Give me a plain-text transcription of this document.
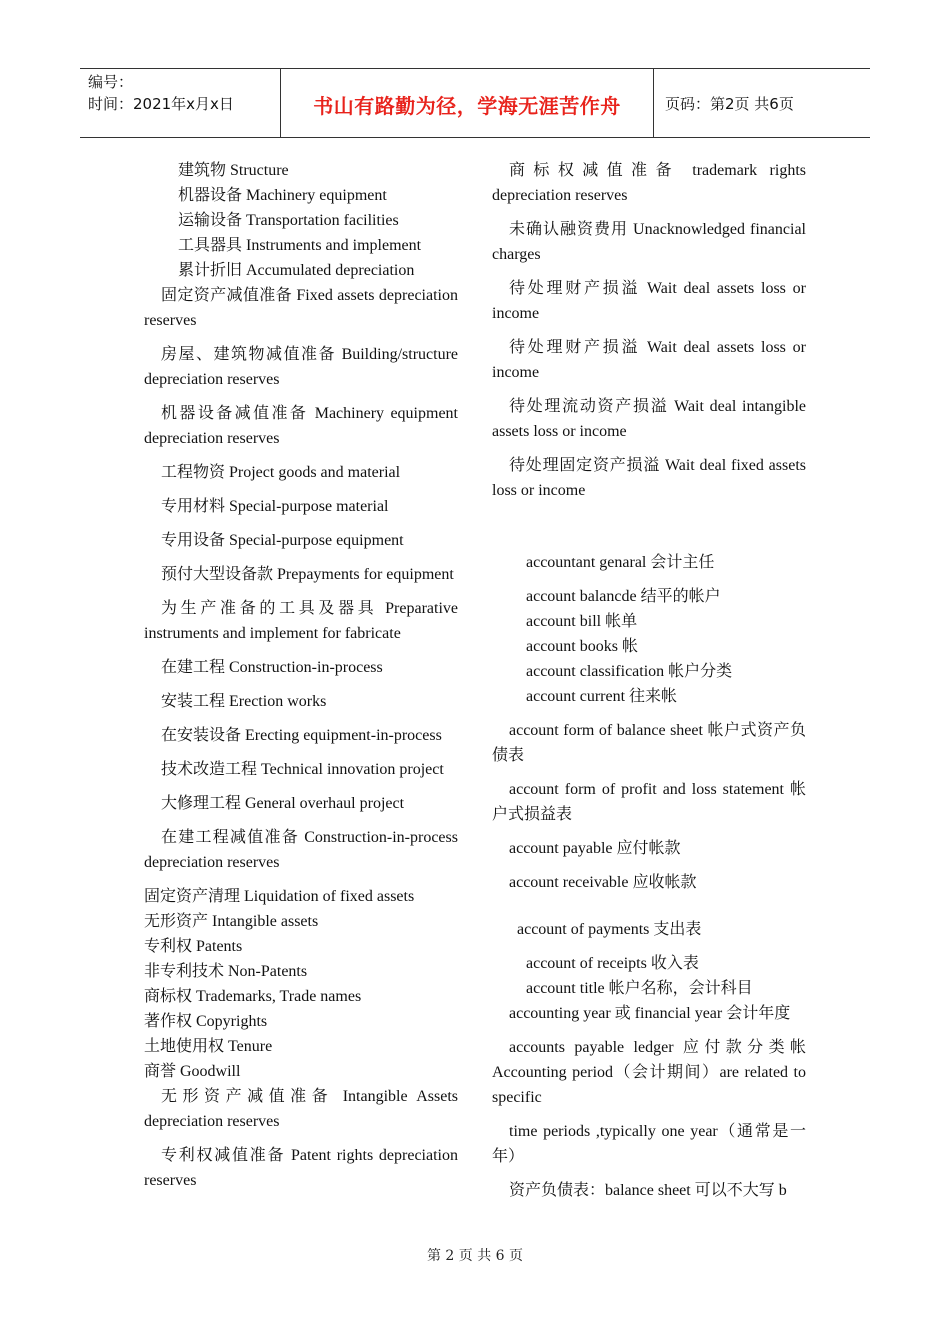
编号：
时间：2021年x月x日	书山有路勤为径，学海无涯苦作舟	页码：第2页 共6页

建筑物 Structure

机器设备 Machinery equipment

运输设备 Transportation facilities

工具器具 Instruments and implement

累计折旧 Accumulated depreciation

固定资产减值准备 Fixed assets depreciation reserves

房屋、建筑物减值准备 Building/structure depreciation reserves

机器设备减值准备 Machinery equipment depreciation reserves

工程物资 Project goods and material

专用材料 Special-purpose material

专用设备 Special-purpose equipment

预付大型设备款 Prepayments for equipment

为生产准备的工具及器具 Preparative instruments and implement for fabricate

在建工程 Construction-in-process

安装工程 Erection works

在安装设备 Erecting equipment-in-process

技术改造工程 Technical innovation project

大修理工程 General overhaul project

在建工程减值准备 Construction-in-process depreciation reserves

固定资产清理 Liquidation of fixed assets

无形资产 Intangible assets

专利权 Patents

非专利技术 Non-Patents

商标权 Trademarks, Trade names

著作权 Copyrights

土地使用权 Tenure

商誉 Goodwill

无形资产减值准备 Intangible Assets depreciation reserves

专利权减值准备 Patent rights depreciation reserves

商标权减值准备 trademark rights depreciation reserves

未确认融资费用 Unacknowledged financial charges

待处理财产损溢 Wait deal assets loss or income

待处理财产损溢 Wait deal assets loss or income

待处理流动资产损溢 Wait deal intangible assets loss or income

待处理固定资产损溢 Wait deal fixed assets loss or income

accountant genaral 会计主任

account balancde 结平的帐户

account bill 帐单

account books 帐

account classification 帐户分类

account current 往来帐

account form of balance sheet 帐户式资产负债表

account form of profit and loss statement 帐户式损益表

account payable 应付帐款

account receivable 应收帐款

account of payments 支出表

account of receipts 收入表

account title 帐户名称，会计科目

accounting year 或 financial year 会计年度

accounts payable ledger 应付款分类帐 Accounting period（会计期间）are related to specific

time periods ,typically one year（通常是一年）

资产负债表：balance sheet 可以不大写 b

第 2 页 共 6 页
